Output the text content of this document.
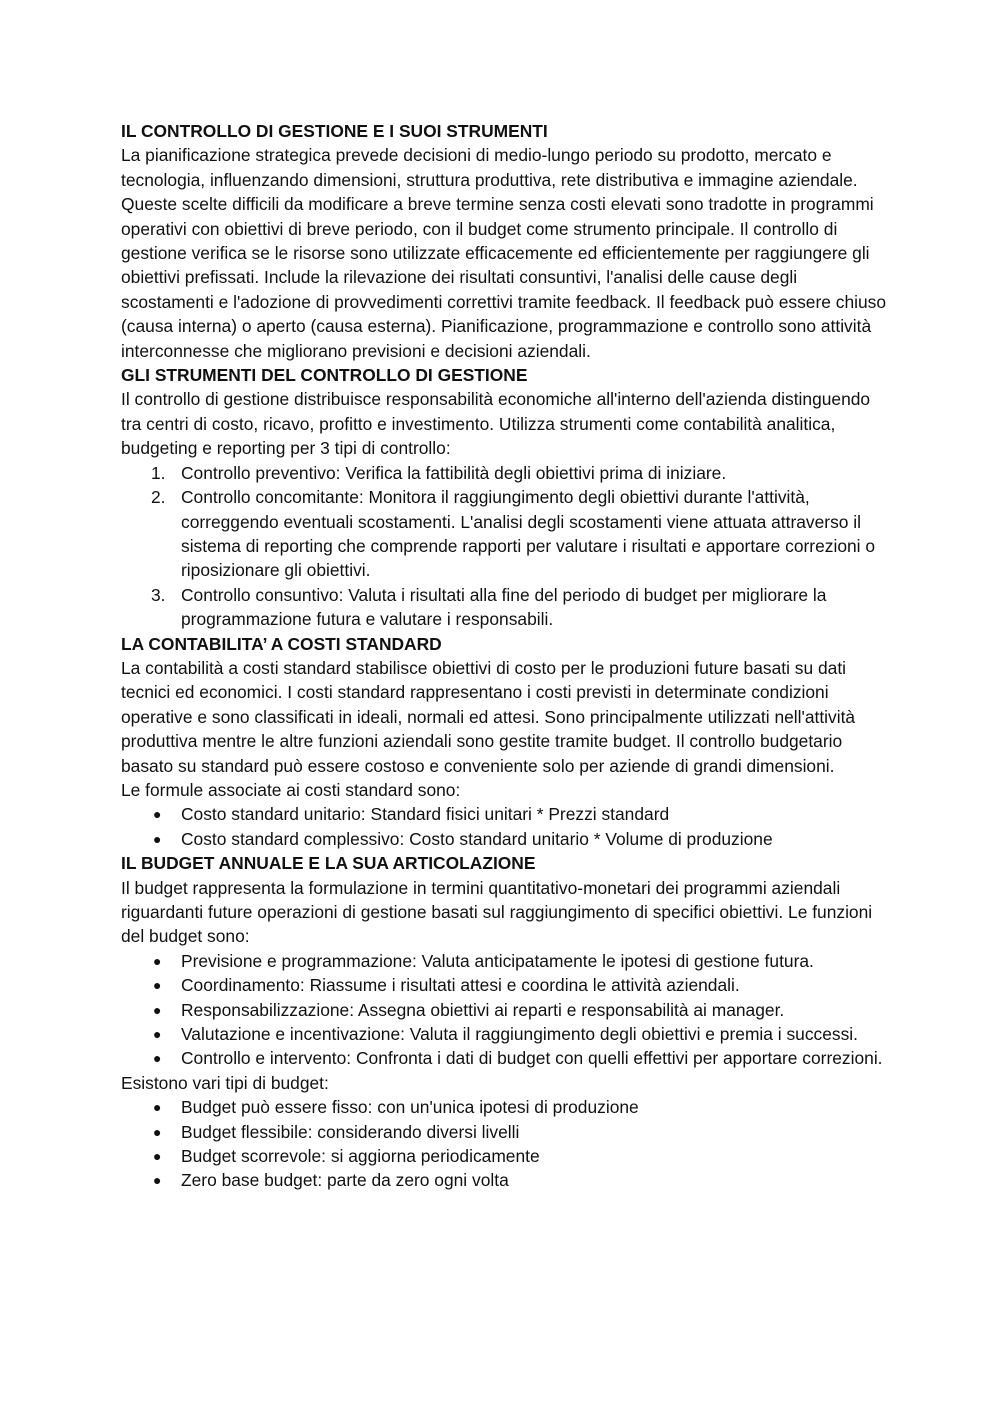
IL CONTROLLO DI GESTIONE E I SUOI STRUMENTI

La pianificazione strategica prevede decisioni di medio-lungo periodo su prodotto, mercato e tecnologia, influenzando dimensioni, struttura produttiva, rete distributiva e immagine aziendale. Queste scelte difficili da modificare a breve termine senza costi elevati sono tradotte in programmi operativi con obiettivi di breve periodo, con il budget come strumento principale. Il controllo di gestione verifica se le risorse sono utilizzate efficacemente ed efficientemente per raggiungere gli obiettivi prefissati. Include la rilevazione dei risultati consuntivi, l'analisi delle cause degli scostamenti e l'adozione di provvedimenti correttivi tramite feedback. Il feedback può essere chiuso (causa interna) o aperto (causa esterna). Pianificazione, programmazione e controllo sono attività interconnesse che migliorano previsioni e decisioni aziendali.

GLI STRUMENTI DEL CONTROLLO DI GESTIONE

Il controllo di gestione distribuisce responsabilità economiche all'interno dell'azienda distinguendo tra centri di costo, ricavo, profitto e investimento. Utilizza strumenti come contabilità analitica, budgeting e reporting per 3 tipi di controllo:

1. Controllo preventivo: Verifica la fattibilità degli obiettivi prima di iniziare.
2. Controllo concomitante: Monitora il raggiungimento degli obiettivi durante l'attività, correggendo eventuali scostamenti. L'analisi degli scostamenti viene attuata attraverso il sistema di reporting che comprende rapporti per valutare i risultati e apportare correzioni o riposizionare gli obiettivi.
3. Controllo consuntivo: Valuta i risultati alla fine del periodo di budget per migliorare la programmazione futura e valutare i responsabili.
LA CONTABILITA’ A COSTI STANDARD

La contabilità a costi standard stabilisce obiettivi di costo per le produzioni future basati su dati tecnici ed economici. I costi standard rappresentano i costi previsti in determinate condizioni operative e sono classificati in ideali, normali ed attesi. Sono principalmente utilizzati nell'attività produttiva mentre le altre funzioni aziendali sono gestite tramite budget. Il controllo budgetario basato su standard può essere costoso e conveniente solo per aziende di grandi dimensioni.

Le formule associate ai costi standard sono:

● Costo standard unitario: Standard fisici unitari * Prezzi standard
● Costo standard complessivo: Costo standard unitario * Volume di produzione
IL BUDGET ANNUALE E LA SUA ARTICOLAZIONE

Il budget rappresenta la formulazione in termini quantitativo-monetari dei programmi aziendali riguardanti future operazioni di gestione basati sul raggiungimento di specifici obiettivi. Le funzioni del budget sono:

● Previsione e programmazione: Valuta anticipatamente le ipotesi di gestione futura.
● Coordinamento: Riassume i risultati attesi e coordina le attività aziendali.
● Responsabilizzazione: Assegna obiettivi ai reparti e responsabilità ai manager.
● Valutazione e incentivazione: Valuta il raggiungimento degli obiettivi e premia i successi.
● Controllo e intervento: Confronta i dati di budget con quelli effettivi per apportare correzioni.

Esistono vari tipi di budget:

● Budget può essere fisso: con un'unica ipotesi di produzione
● Budget flessibile: considerando diversi livelli
● Budget scorrevole: si aggiorna periodicamente
● Zero base budget: parte da zero ogni volta
